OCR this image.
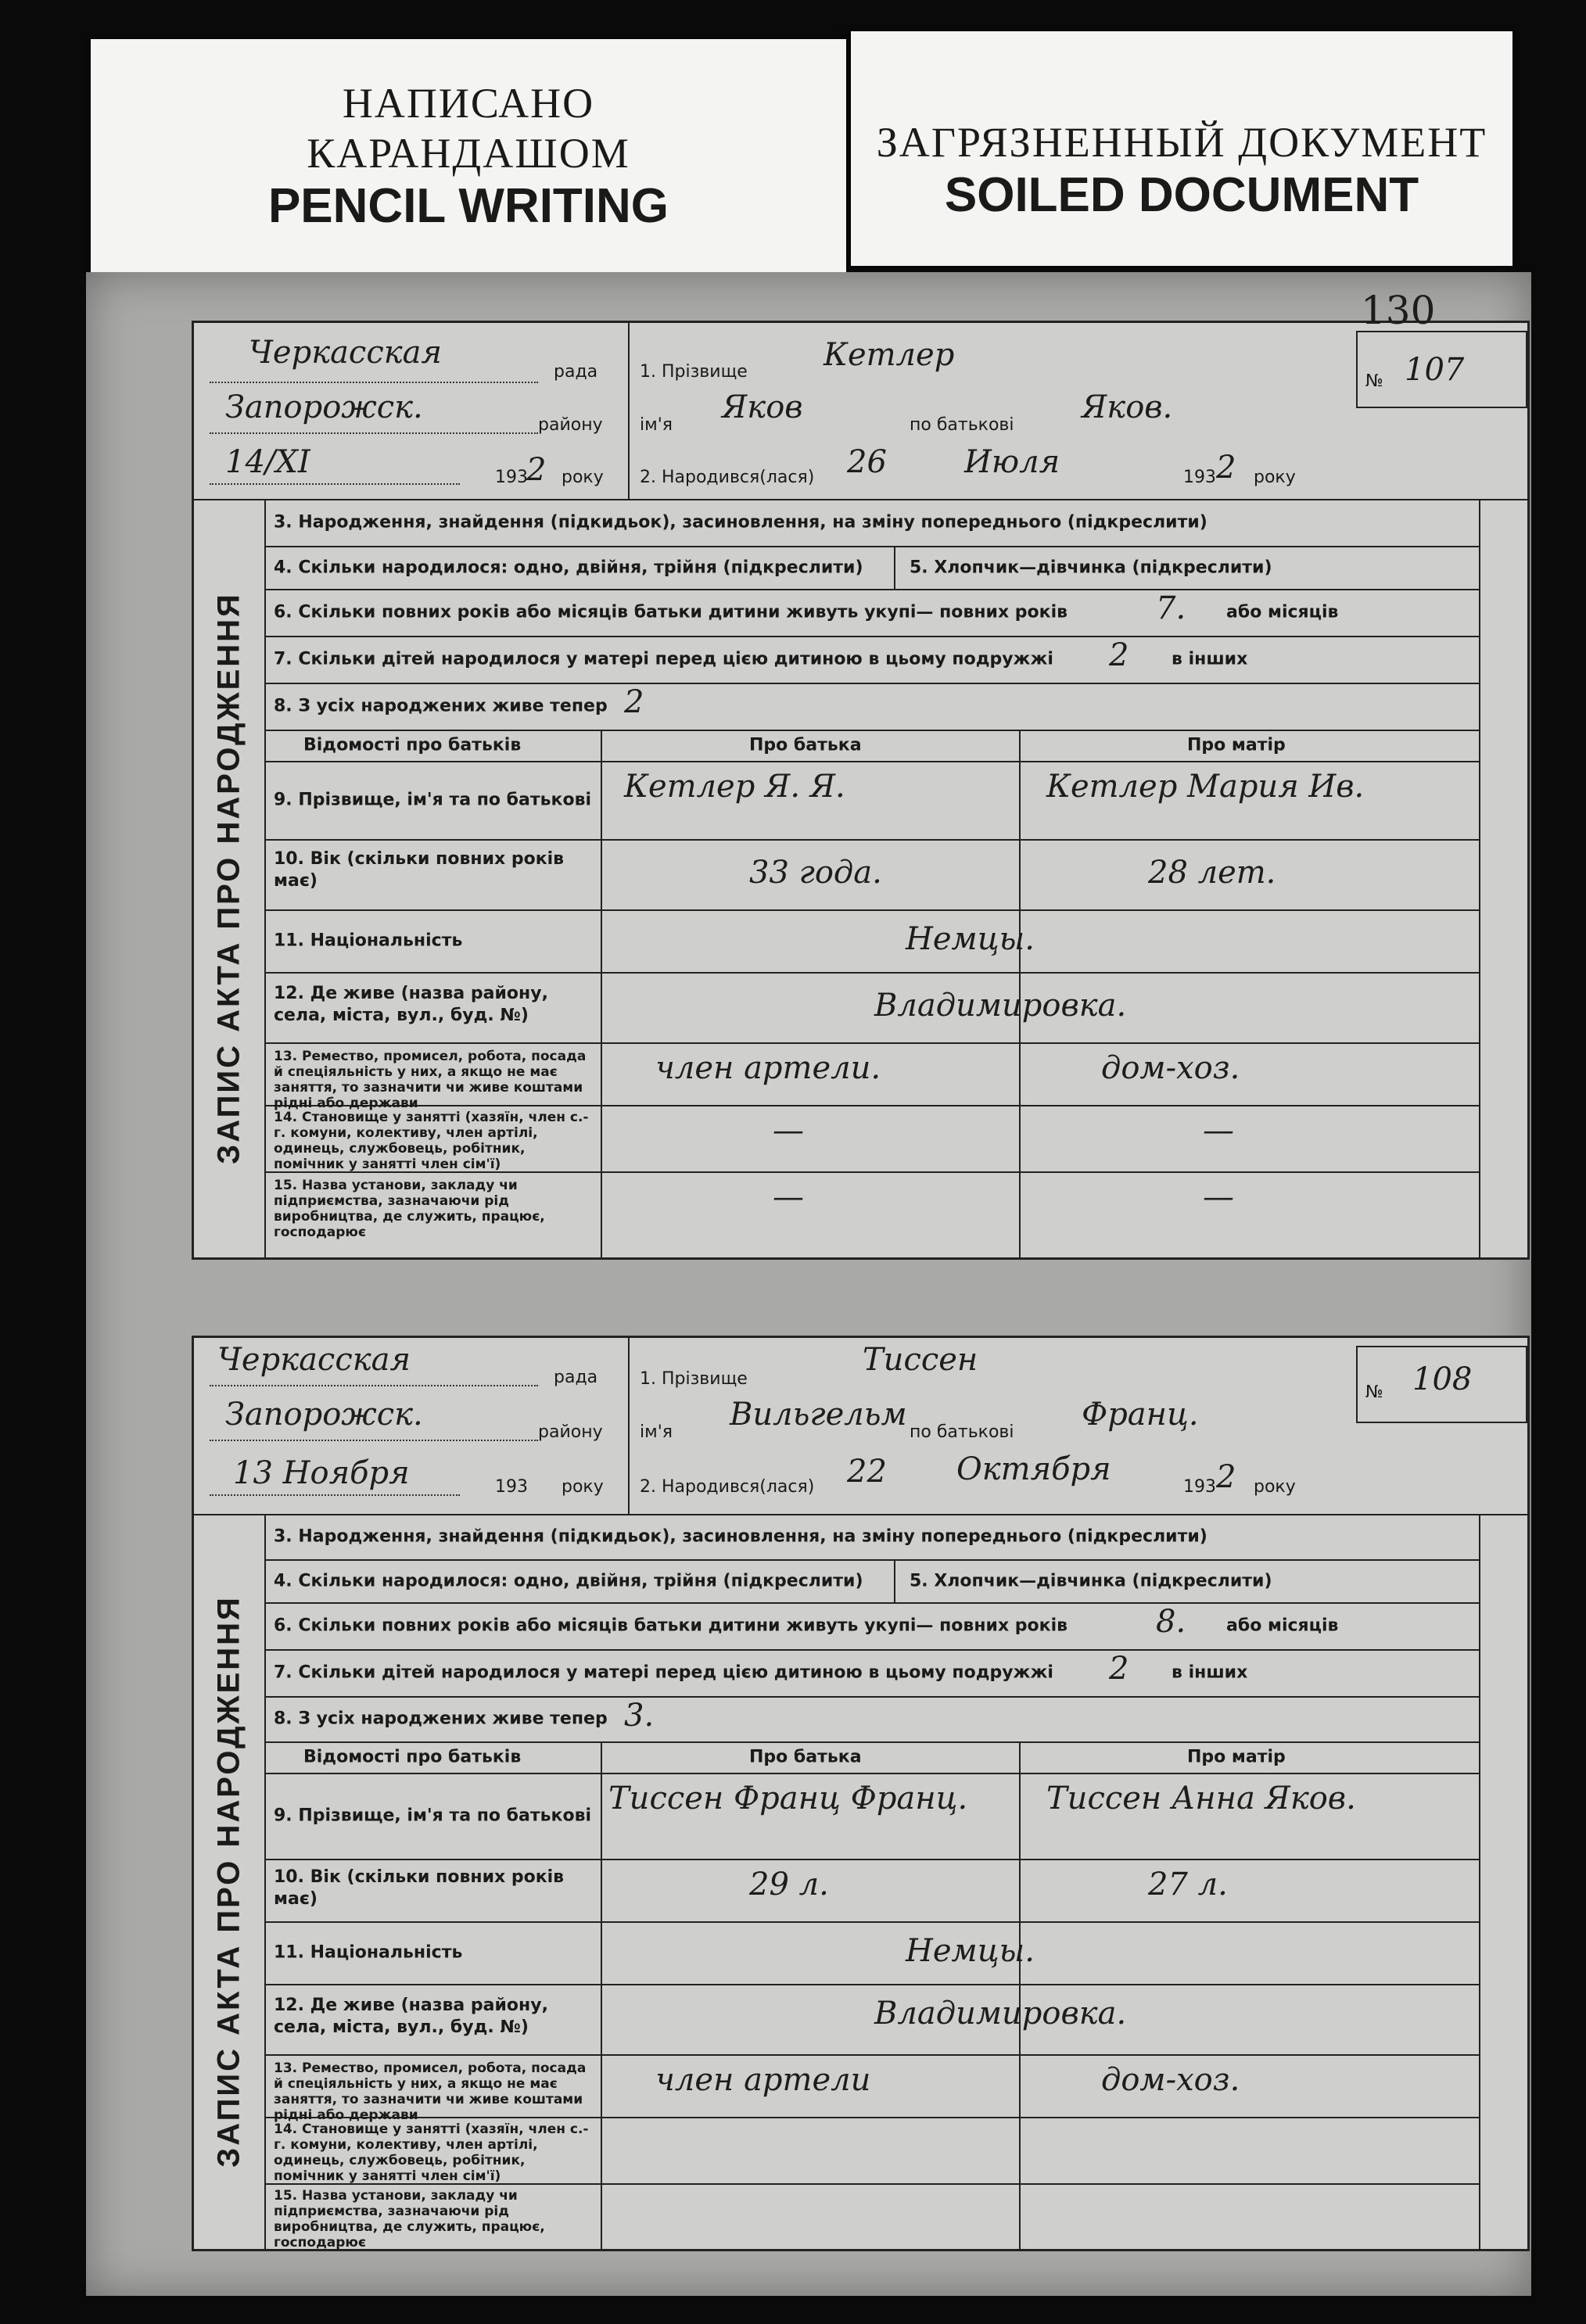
НАПИСАНО
КАРАНДАШОМ
PENCIL WRITING
ЗАГРЯЗНЕННЫЙ ДОКУМЕНТ
SOILED DOCUMENT
Черкасская
рада
Запорожск.	району
14/XI	193
2 року
1. Прізвище Кетлер
ім'я Яков	по батькові Яков.
2. Народився(лася) 26 Июля	193 2 року
№ 107
ЗАПИС АКТА ПРО НАРОДЖЕННЯ
3. Народження, знайдення (підкидьок), засиновлення, на зміну попереднього (підкреслити)
4. Скільки народилося: одно, двійня, трійня (підкреслити)	5. Хлопчик—дівчинка (підкреслити)
6. Скільки повних років або місяців батьки дитини живуть укупі— повних років	7. або місяців
7. Скільки дітей народилося у матері перед цією дитиною в цьому подружжі 2 в інших
8. З усіх народжених живе тепер 2
Відомості про батьків	Про батька	Про матір
9. Прізвище, ім'я та по батькові Кетлер Я. Я.	Кетлер Мария Ив.
10. Вік (скільки повних років має)	33 года.	28 лет.
11. Національність	Немцы.
12. Де живе (назва району, села, міста, вул., буд. №)	Владимировка.
13. Ремество, промисел, робота, посада й спеціяльність у них, а якщо не має заняття, то зазначити чи живе коштами рідні або держави
член артели.	дом-хоз.
14. Становище у занятті (хазяїн, член с.-г. комуни, колективу, член артілі, одинець, службовець, робітник, помічник у занятті член сім'ї)
—	—
15. Назва установи, закладу чи підприємства, зазначаючи рід виробництва, де служить, працює, господарює
—	—
130
Черкасская	рада
Запорожск.	району
13 Ноября	193 року
1. Прізвище
Тиссен
ім'я Вильгельм по батькові Франц.
2. Народився(лася) 22 Октября	193 2 року
№ 108
ЗАПИС АКТА ПРО НАРОДЖЕННЯ
3. Народження, знайдення (підкидьок), засиновлення, на зміну попереднього (підкреслити)
4. Скільки народилося: одно, двійня, трійня (підкреслити)	5. Хлопчик—дівчинка (підкреслити)
6. Скільки повних років або місяців батьки дитини живуть укупі— повних років	8. або місяців
7. Скільки дітей народилося у матері перед цією дитиною в цьому подружжі 2 в інших
8. З усіх народжених живе тепер 3.
Відомості про батьків	Про батька	Про матір
9. Прізвище, ім'я та по батькові Тиссен Франц Франц.	Тиссен Анна Яков.
10. Вік (скільки повних років має)	29 л.	27 л.
11. Національність	Немцы.
12. Де живе (назва району, села, міста, вул., буд. №)	Владимировка.
13. Ремество, промисел, робота, посада й спеціяльність у них, а якщо не має заняття, то зазначити чи живе коштами рідні або держави
член артели	дом-хоз.
14. Становище у занятті (хазяїн, член с.-г. комуни, колективу, член артілі, одинець, службовець, робітник, помічник у занятті член сім'ї)
15. Назва установи, закладу чи підприємства, зазначаючи рід виробництва, де служить, працює, господарює
